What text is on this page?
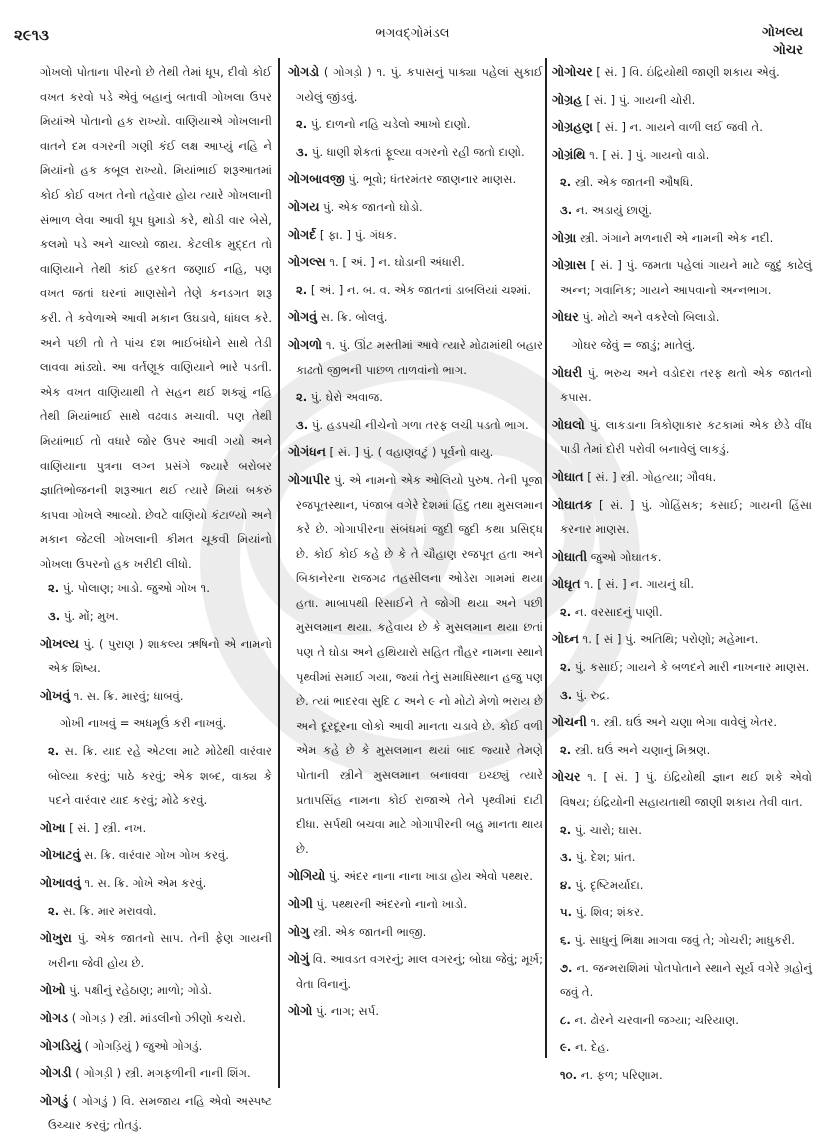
૨૯૧૩	ભગવદ્ગોમંડલ	ગોખલ્ય
ગોચર
ગોખલો પોતાના પીરનો છે તેથી તેમાં ધૂપ, દીવો કોઈ વખત કરવો પડે એવું બહાનું બતાવી ગોખલા ઉપર મિયાંએ પોતાનો હક રાખ્યો. વાણિયાએ ગોખલાની વાતને દમ વગરની ગણી કંઈ લક્ષ આપ્યું નહિ ને મિયાંનો હક કબૂલ રાખ્યો. મિયાંભાઈ શરૂઆતમાં કોઈ કોઈ વખત તેનો તહેવાર હોય ત્યારે ગોખલાની સંભાળ લેવા આવી ધૂપ ધુમાડો કરે, થોડી વાર બેસે, કલમો પડે અને ચાલ્યો જાય. કેટલીક મુદ્દત તો વાણિયાને તેથી કાંઈ હરકત જણાઈ નહિ, પણ વખત જતાં ઘરનાં માણસોને તેણે કનડગત શરૂ કરી. તે કવેળાએ આવી મકાન ઉઘડાવે, ધાંધલ કરે. અને પછી તો તે પાંચ દશ ભાઈબંધોને સાથે તેડી લાવવા માંડ્યો. આ વર્તણૂક વાણિયાને ભારે પડતી. એક વખત વાણિયાથી તે સહન થઈ શક્યું નહિ તેથી મિયાંભાઈ સાથે વઢવાડ મચાવી. પણ તેથી મિયાંભાઈ તો વધારે જોર ઉપર આવી ગયો અને વાણિયાના પુત્રના લગ્ન પ્રસંગે જ્યારે બરોબર જ્ઞાતિભોજનની શરૂઆત થઈ ત્યારે મિયાં બકરું કાપવા ગોખલે આવ્યો. છેવટે વાણિયો કંટાળ્યો અને મકાન જેટલી ગોખલાની કીમત ચૂકવી મિયાંનો ગોખલા ઉપરનો હક ખરીદી લીધો.
૨. પું. પોલાણ; ખાડો. જુઓ ગોખ ૧.
૩. પું. મોં; મુખ.
ગોખલ્ય પું. ( પુરાણ ) શાકલ્ય ઋષિનો એ નામનો એક શિષ્ય.
ગોખવું ૧. સ. ક્રિ. મારવું; ધાબવું.
ગોખી નાખવું = અધમૂઉં કરી નાખવું.
૨. સ. ક્રિ. યાદ રહે એટલા માટે મોઢેથી વારંવાર બોલ્યા કરવું; પાઠે કરવું; એક શબ્દ, વાક્ય કે પદને વારંવાર યાદ કરવું; મોઢે કરવું.
ગોખા [ સં. ] સ્ત્રી. નખ.
ગોખાટવું સ. ક્રિ. વારંવાર ગોખ ગોખ કરવું.
ગોખાવવું ૧. સ. ક્રિ. ગોખે એમ કરવું.
૨. સ. ક્રિ. માર મરાવવો.
ગોખુરા પું. એક જાતનો સાપ. તેની ફેણ ગાયની ખરીના જેવી હોય છે.
ગોખો પું. પક્ષીનું રહેઠાણ; માળો; ગોડો.
ગોગડ ( ગોગડ઼ ) સ્ત્રી. માંડલીનો ઝીણો કચરો.
ગોગડિયું ( ગોગડ઼િયું ) જુઓ ગોગડું.
ગોગડી ( ગોગડ઼ી ) સ્ત્રી. મગફળીની નાની શિંગ.
ગોગડું ( ગોગડ઼ું ) વિ. સમજાય નહિ એવો અસ્પષ્ટ ઉચ્ચાર કરવું; તોતડું.
ગોગડો ( ગોગડ઼ો ) ૧. પું. કપાસનું પાક્યા પહેલાં સુકાઈ ગયેલું જીંડવું.
૨. પું. દાળનો નહિ ચડેલો આખો દાણો.
૩. પું. ધાણી શેકતાં ફૂલ્યા વગરનો રહી જતો દાણો.
ગોગબાવજી પું. ભૂવો; ધંતરમંતર જાણનાર માણસ.
ગોગય પું. એક જાતનો ઘોડો.
ગોગર્દ [ ફા. ] પું. ગંધક.
ગોગલ્સ ૧. [ અં. ] ન. ઘોડાની અંધારી.
૨. [ અં. ] ન. બ. વ. એક જાતનાં ડાબલિયાં ચશ્માં.
ગોગવું સ. ક્રિ. બોલવું.
ગોગળો ૧. પું. ઊંટ મસ્તીમાં આવે ત્યારે મોઢામાંથી બહાર કાઢતો જીભની પાછળ તાળવાંનો ભાગ.
૨. પું. ઘેરો અવાજ.
૩. પું. હડપચી નીચેનો ગળા તરફ લચી પડતો ભાગ.
ગોગંધન [ સં. ] પું. ( વહાણવટું ) પૂર્વનો વાયુ.
ગોગાપીર પું. એ નામનો એક ઓલિયો પુરુષ. તેની પૂજા રજપૂતસ્થાન, પંજાબ વગેરે દેશમાં હિંદુ તથા મુસલમાન કરે છે. ગોગાપીરના સંબંધમાં જુદી જુદી કથા પ્રસિદ્ધ છે. કોઈ કોઈ કહે છે કે તે ચૌહાણ રજપૂત હતા અને બિકાનેરના રાજગઢ તહસીલના ઓડેરા ગામમાં થયા હતા. માબાપથી રિસાઈને તે જોગી થયા અને પછી મુસલમાન થયા. કહેવાય છે કે મુસલમાન થયા છતાં પણ તે ઘોડા અને હથિયારો સહિત તૌહર નામના સ્થાને પૃથ્વીમાં સમાઈ ગયા, જ્યાં તેનું સમાધિસ્થાન હજુ પણ છે. ત્યાં ભાદરવા સુદિ ૮ અને ૯ નો મોટો મેળો ભરાય છે અને દૂરદૂરના લોકો આવી માનતા ચડાવે છે. કોઈ વળી એમ કહે છે કે મુસલમાન થયાં બાદ જ્યારે તેમણે પોતાની સ્ત્રીને મુસલમાન બનાવવા ઇચ્છ્યું ત્યારે પ્રતાપસિંહ નામના કોઈ રાજાએ તેને પૃથ્વીમાં દાટી દીધા. સર્પથી બચવા માટે ગોગાપીરની બહુ માનતા થાય છે.
ગોગિયો પું. અંદર નાના નાના ખાડા હોય એવો પથ્થર.
ગોગી પું. પથ્થરની અંદરનો નાનો ખાડો.
ગોગુ સ્ત્રી. એક જાતની ભાજી.
ગોગું વિ. આવડત વગરનું; માલ વગરનું; બોઘા જેવું; મૂર્ખ; વેતા વિનાનું.
ગોગો પું. નાગ; સર્પ.
ગોગોચર [ સં. ] વિ. ઇંદ્રિયોથી જાણી શકાય એવું.
ગોગ્રહ [ સં. ] પું. ગાયની ચોરી.
ગોગ્રહણ [ સં. ] ન. ગાયને વાળી લઈ જવી તે.
ગોગ્રંથિ ૧. [ સં. ] પું. ગાયનો વાડો.
૨. સ્ત્રી. એક જાતની ઔષધિ.
૩. ન. અડાયું છાણું.
ગોગ્રા સ્ત્રી. ગંગાને મળનારી એ નામની એક નદી.
ગોગ્રાસ [ સં. ] પું. જમતા પહેલાં ગાયને માટે જુદું કાઢેલું અન્ન; ગવાનિક; ગાયને આપવાનો અન્નભાગ.
ગોઘર પું. મોટો અને વકરેલો બિલાડો.
ગોઘર જેવું = જાડું; માતેલું.
ગોઘરી પું. ભરુચ અને વડોદરા તરફ થતો એક જાતનો કપાસ.
ગોઘલો પું. લાકડાના ત્રિકોણાકાર કટકામાં એક છેડે વીંધ પાડી તેમાં દોરી પરોવી બનાવેલું લાકડું.
ગોઘાત [ સં. ] સ્ત્રી. ગોહત્યા; ગૌવધ.
ગોઘાતક [ સં. ] પું. ગોહિંસક; કસાઈ; ગાયની હિંસા કરનાર માણસ.
ગોઘાતી જુઓ ગોઘાતક.
ગોઘૃત ૧. [ સં. ] ન. ગાયનું ઘી.
૨. ન. વરસાદનું પાણી.
ગોઘ્ન ૧. [ સં ] પું. અતિથિ; પરોણો; મહેમાન.
૨. પું. કસાઈ; ગાયને કે બળદને મારી નાખનાર માણસ.
૩. પું. રુદ્ર.
ગોચની ૧. સ્ત્રી. ઘઉં અને ચણા ભેગા વાવેલું ખેતર.
૨. સ્ત્રી. ઘઉં અને ચણાનું મિશ્રણ.
ગોચર ૧. [ સં. ] પું. ઇંદ્રિયોથી જ્ઞાન થઈ શકે એવો વિષય; ઇંદ્રિયોની સહાયતાથી જાણી શકાય તેવી વાત.
૨. પું. ચારો; ઘાસ.
૩. પું. દેશ; પ્રાંત.
૪. પું. દૃષ્ટિમર્યાદા.
૫. પું. શિવ; શંકર.
૬. પું. સાધુનું ભિક્ષા માગવા જવું તે; ગોચરી; માધુકરી.
૭. ન. જન્મરાશિમાં પોતપોતાને સ્થાને સૂર્ય વગેરે ગ્રહોનું જવું તે.
૮. ન. ઢોરને ચરવાની જગ્યા; ચરિયાણ.
૯. ન. દેહ.
૧૦. ન. ફળ; પરિણામ.
